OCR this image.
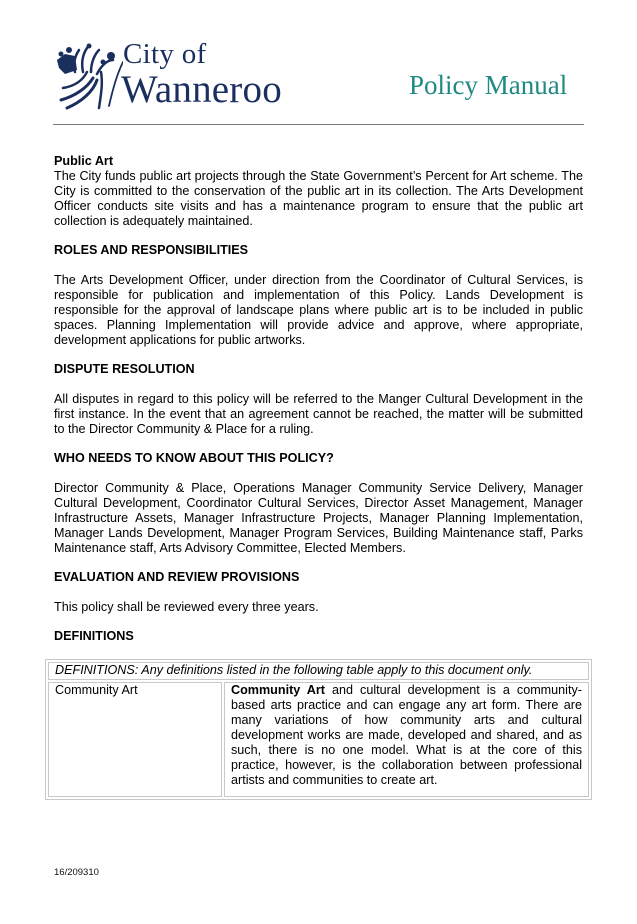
City of
Wanneroo	Policy Manual
Public Art

The City funds public art projects through the State Government’s Percent for Art scheme. The City is committed to the conservation of the public art in its collection. The Arts Development Officer conducts site visits and has a maintenance program to ensure that the public art collection is adequately maintained.

ROLES AND RESPONSIBILITIES

The Arts Development Officer, under direction from the Coordinator of Cultural Services, is responsible for publication and implementation of this Policy. Lands Development is responsible for the approval of landscape plans where public art is to be included in public spaces. Planning Implementation will provide advice and approve, where appropriate, development applications for public artworks.

DISPUTE RESOLUTION

All disputes in regard to this policy will be referred to the Manger Cultural Development in the first instance. In the event that an agreement cannot be reached, the matter will be submitted to the Director Community & Place for a ruling.

WHO NEEDS TO KNOW ABOUT THIS POLICY?

Director Community & Place, Operations Manager Community Service Delivery, Manager Cultural Development, Coordinator Cultural Services, Director Asset Management, Manager Infrastructure Assets, Manager Infrastructure Projects, Manager Planning Implementation, Manager Lands Development, Manager Program Services, Building Maintenance staff, Parks Maintenance staff, Arts Advisory Committee, Elected Members.

EVALUATION AND REVIEW PROVISIONS

This policy shall be reviewed every three years.

DEFINITIONS
DEFINITIONS: Any definitions listed in the following table apply to this document only.
Community Art	Community Art and cultural development is a community-based arts practice and can engage any art form. There are many variations of how community arts and cultural development works are made, developed and shared, and as such, there is no one model. What is at the core of this practice, however, is the collaboration between professional artists and communities to create art.
16/209310
